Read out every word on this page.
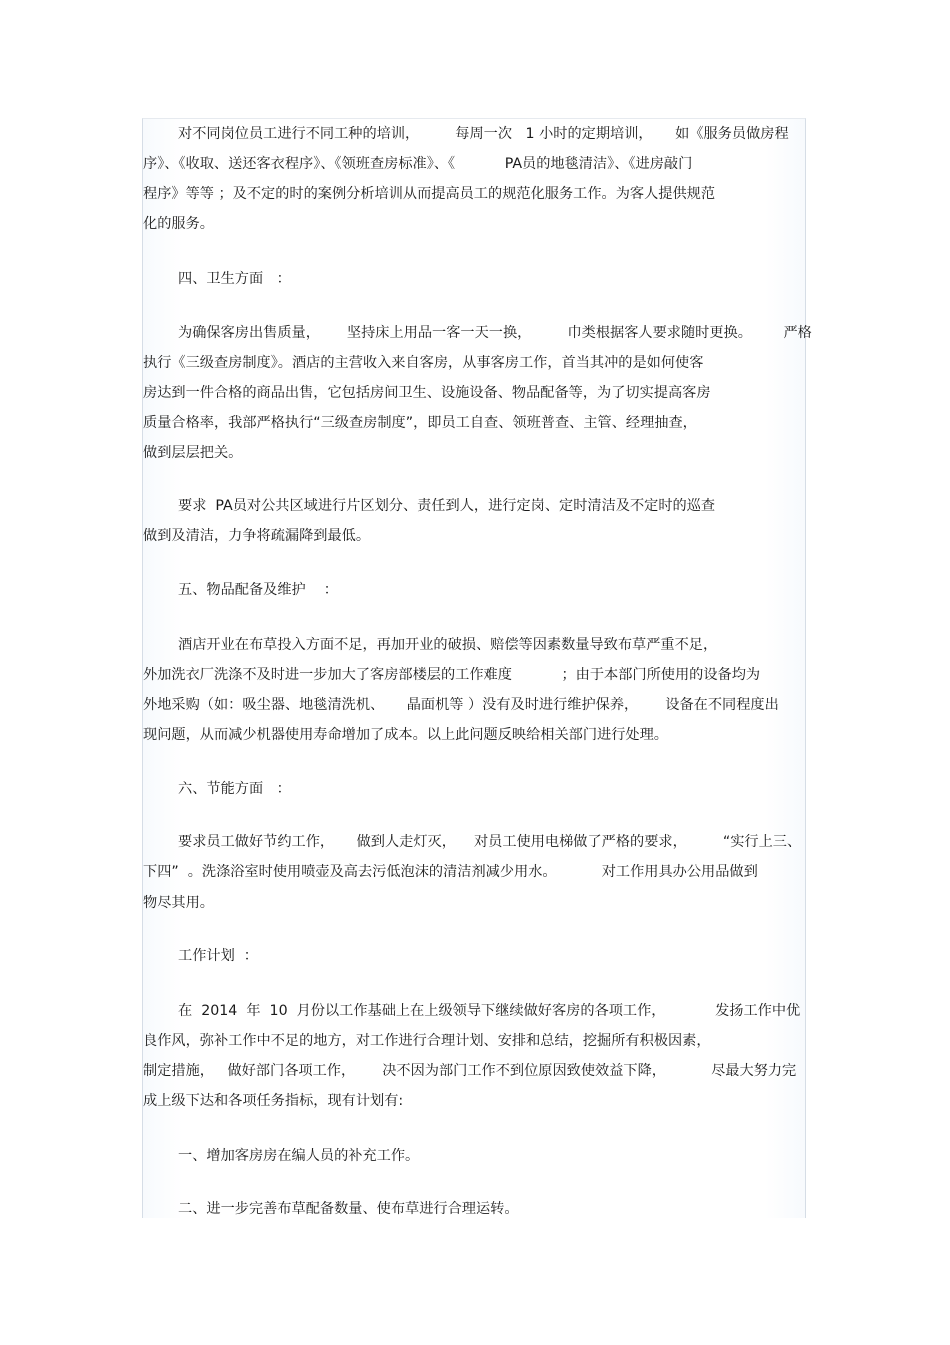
对不同岗位员工进行不同工种的培训，        每周一次   1 小时的定期培训，     如《服务员做房程
序》、《收取、送还客衣程序》、《领班查房标准》、《           PA员的地毯清洁》、《进房敲门
程序》等等 ；及不定的时的案例分析培训从而提高员工的规范化服务工作。为客人提供规范
化的服务。
四、卫生方面   ：
为确保客房出售质量，      坚持床上用品一客一天一换，        巾类根据客人要求随时更换。       严格
执行《三级查房制度》。酒店的主营收入来自客房，从事客房工作，首当其冲的是如何使客
房达到一件合格的商品出售，它包括房间卫生、设施设备、物品配备等，为了切实提高客房
质量合格率，我部严格执行“三级查房制度”，即员工自查、领班普查、主管、经理抽查，
做到层层把关。
要求  PA员对公共区域进行片区划分、责任到人，进行定岗、定时清洁及不定时的巡查
做到及清洁，力争将疏漏降到最低。
五、物品配备及维护    ：
酒店开业在布草投入方面不足，再加开业的破损、赔偿等因素数量导致布草严重不足，
外加洗衣厂洗涤不及时进一步加大了客房部楼层的工作难度           ；由于本部门所使用的设备均为
外地采购（如：吸尘器、地毯清洗机、     晶面机等 ）没有及时进行维护保养，      设备在不同程度出
现问题，从而减少机器使用寿命增加了成本。以上此问题反映给相关部门进行处理。
六、节能方面   ：
要求员工做好节约工作，     做到人走灯灭，    对员工使用电梯做了严格的要求，        “实行上三、
下四”  。洗涤浴室时使用喷壶及高去污低泡沫的清洁剂减少用水。          对工作用具办公用品做到
物尽其用。
工作计划  ：
在  2014  年  10  月份以工作基础上在上级领导下继续做好客房的各项工作，           发扬工作中优
良作风，弥补工作中不足的地方，对工作进行合理计划、安排和总结，挖掘所有积极因素，
制定措施，   做好部门各项工作，      决不因为部门工作不到位原因致使效益下降，          尽最大努力完
成上级下达和各项任务指标，现有计划有:
一、增加客房房在编人员的补充工作。
二、进一步完善布草配备数量、使布草进行合理运转。
